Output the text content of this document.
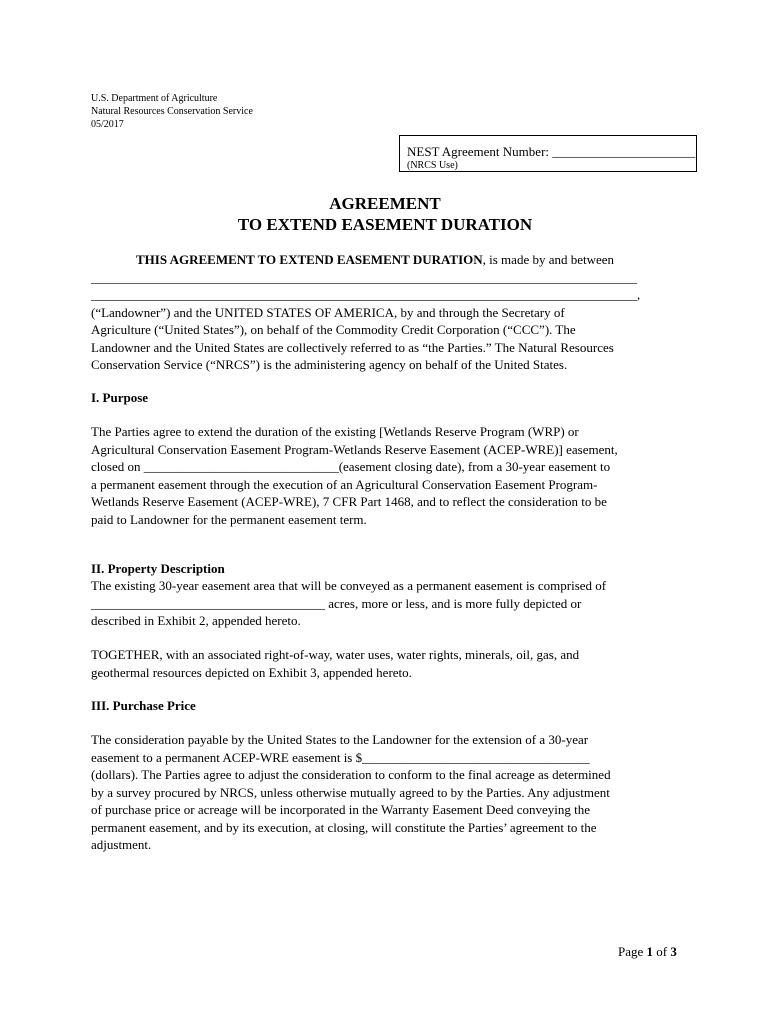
U.S. Department of Agriculture
Natural Resources Conservation Service
05/2017
NEST Agreement Number: ______________________
(NRCS Use)
AGREEMENT
TO EXTEND EASEMENT DURATION
THIS AGREEMENT TO EXTEND EASEMENT DURATION, is made by and between
____________________________________________________________________________________
____________________________________________________________________________________,
(“Landowner”) and the UNITED STATES OF AMERICA, by and through the Secretary of
Agriculture (“United States”), on behalf of the Commodity Credit Corporation (“CCC”). The
Landowner and the United States are collectively referred to as “the Parties.” The Natural Resources
Conservation Service (“NRCS”) is the administering agency on behalf of the United States.
I. Purpose
The Parties agree to extend the duration of the existing [Wetlands Reserve Program (WRP) or
Agricultural Conservation Easement Program-Wetlands Reserve Easement (ACEP-WRE)] easement,
closed on ______________________________(easement closing date), from a 30-year easement to
a permanent easement through the execution of an Agricultural Conservation Easement Program-
Wetlands Reserve Easement (ACEP-WRE), 7 CFR Part 1468, and to reflect the consideration to be
paid to Landowner for the permanent easement term.
II. Property Description
The existing 30-year easement area that will be conveyed as a permanent easement is comprised of
____________________________________ acres, more or less, and is more fully depicted or
described in Exhibit 2, appended hereto.
TOGETHER, with an associated right-of-way, water uses, water rights, minerals, oil, gas, and
geothermal resources depicted on Exhibit 3, appended hereto.
III. Purchase Price
The consideration payable by the United States to the Landowner for the extension of a 30-year
easement to a permanent ACEP-WRE easement is $___________________________________
(dollars). The Parties agree to adjust the consideration to conform to the final acreage as determined
by a survey procured by NRCS, unless otherwise mutually agreed to by the Parties. Any adjustment
of purchase price or acreage will be incorporated in the Warranty Easement Deed conveying the
permanent easement, and by its execution, at closing, will constitute the Parties’ agreement to the
adjustment.
Page 1 of 3
